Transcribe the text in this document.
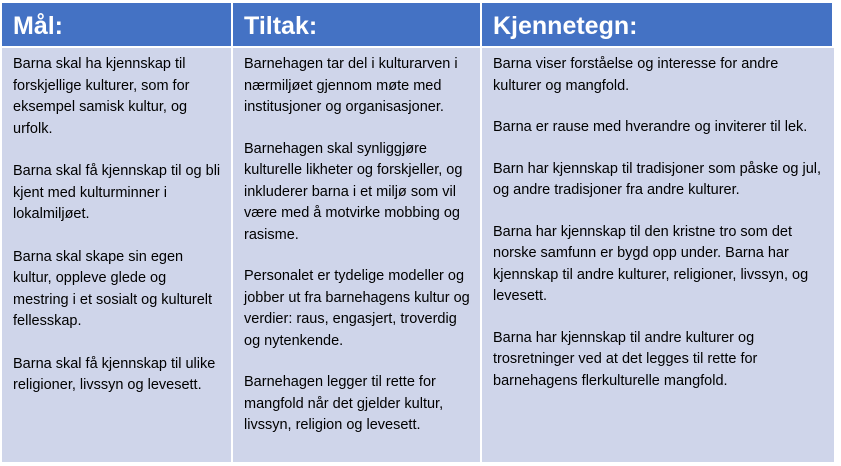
Mål:	Tiltak:	Kjennetegn:

Barna skal ha kjennskap til forskjellige kulturer, som for eksempel samisk kultur, og urfolk.

Barna skal få kjennskap til og bli kjent med kulturminner i lokalmiljøet.

Barna skal skape sin egen kultur, oppleve glede og mestring i et sosialt og kulturelt fellesskap.

Barna skal få kjennskap til ulike religioner, livssyn og levesett.

Barnehagen tar del i kulturarven i nærmiljøet gjennom møte med institusjoner og organisasjoner.

Barnehagen skal synliggjøre kulturelle likheter og forskjeller, og inkluderer barna i et miljø som vil være med å motvirke mobbing og rasisme.

Personalet er tydelige modeller og jobber ut fra barnehagens kultur og verdier: raus, engasjert, troverdig og nytenkende.

Barnehagen legger til rette for mangfold når det gjelder kultur, livssyn, religion og levesett.

Barna viser forståelse og interesse for andre kulturer og mangfold.

Barna er rause med hverandre og inviterer til lek.

Barn har kjennskap til tradisjoner som påske og jul, og andre tradisjoner fra andre kulturer.

Barna har kjennskap til den kristne tro som det norske samfunn er bygd opp under. Barna har kjennskap til andre kulturer, religioner, livssyn, og levesett.

Barna har kjennskap til andre kulturer og trosretninger ved at det legges til rette for barnehagens flerkulturelle mangfold.
